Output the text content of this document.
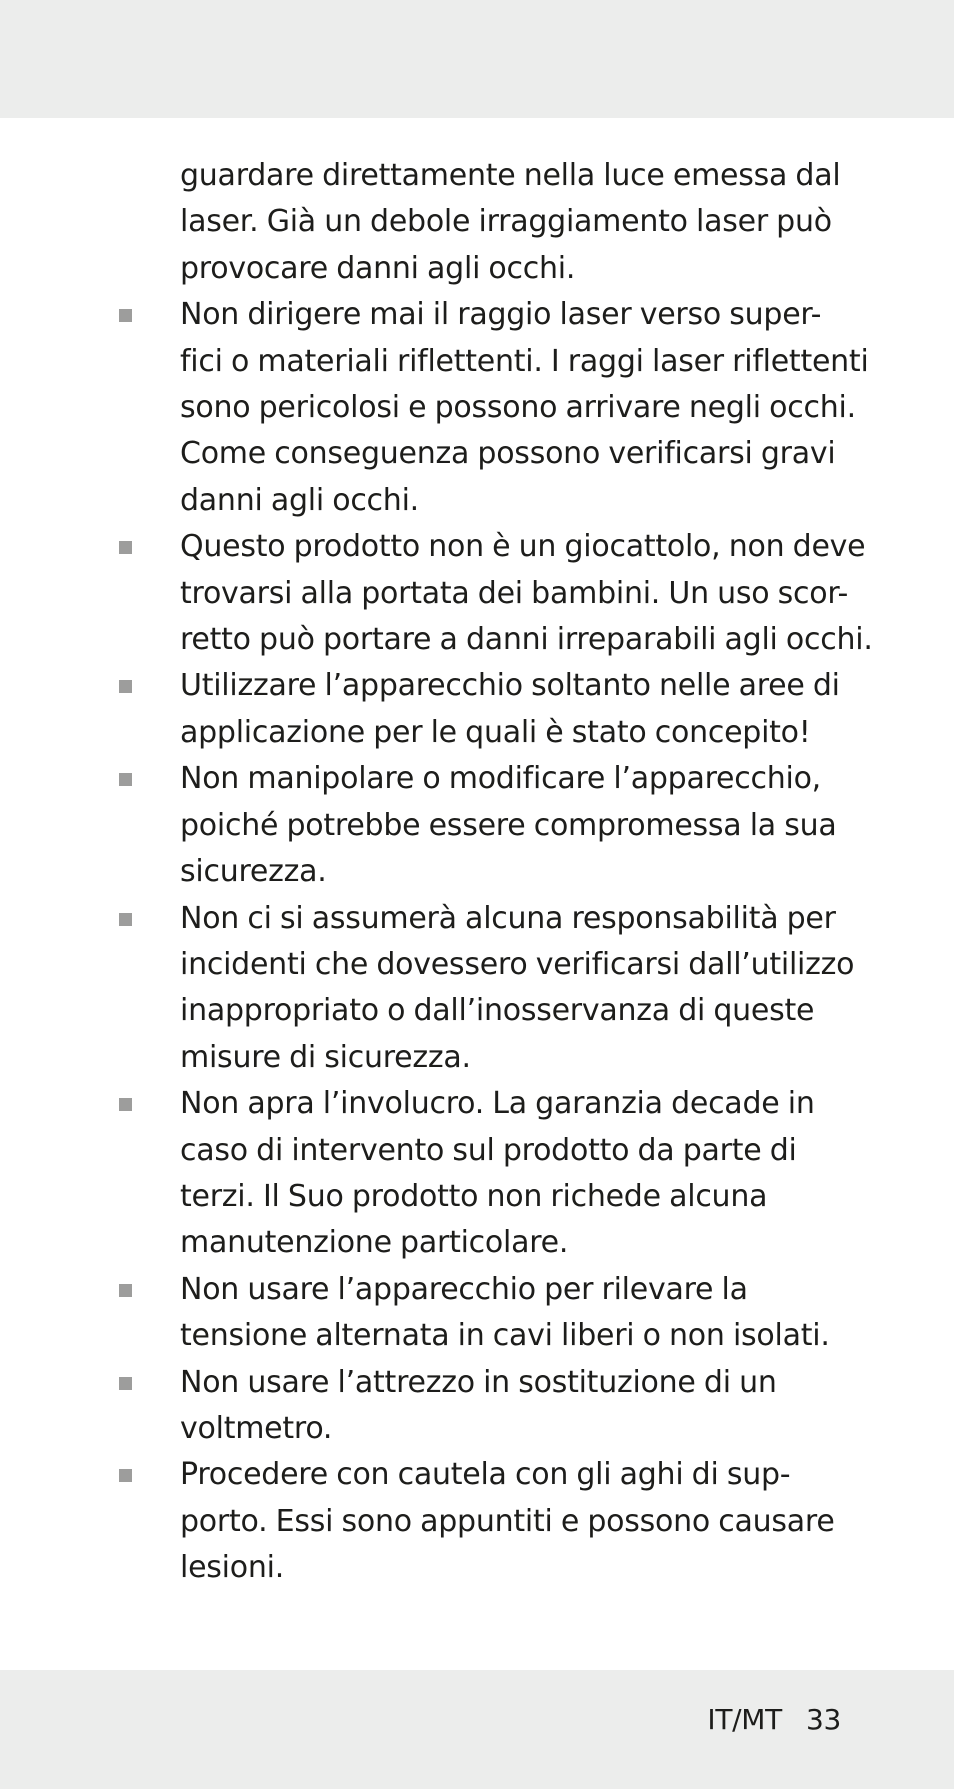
guardare direttamente nella luce emessa dal
laser. Già un debole irraggiamento laser può
provocare danni agli occhi.

Non dirigere mai il raggio laser verso super-
fici o materiali riflettenti. I raggi laser riflettenti
sono pericolosi e possono arrivare negli occhi.
Come conseguenza possono verificarsi gravi
danni agli occhi.

Questo prodotto non è un giocattolo, non deve
trovarsi alla portata dei bambini. Un uso scor-
retto può portare a danni irreparabili agli occhi.

Utilizzare l’apparecchio soltanto nelle aree di
applicazione per le quali è stato concepito!

Non manipolare o modificare l’apparecchio,
poiché potrebbe essere compromessa la sua
sicurezza.

Non ci si assumerà alcuna responsabilità per
incidenti che dovessero verificarsi dall’utilizzo
inappropriato o dall’inosservanza di queste
misure di sicurezza.

Non apra l’involucro. La garanzia decade in
caso di intervento sul prodotto da parte di
terzi. Il Suo prodotto non richede alcuna
manutenzione particolare.

Non usare l’apparecchio per rilevare la
tensione alternata in cavi liberi o non isolati.

Non usare l’attrezzo in sostituzione di un
voltmetro.

Procedere con cautela con gli aghi di sup-
porto. Essi sono appuntiti e possono causare
lesioni.

IT/MT 33
